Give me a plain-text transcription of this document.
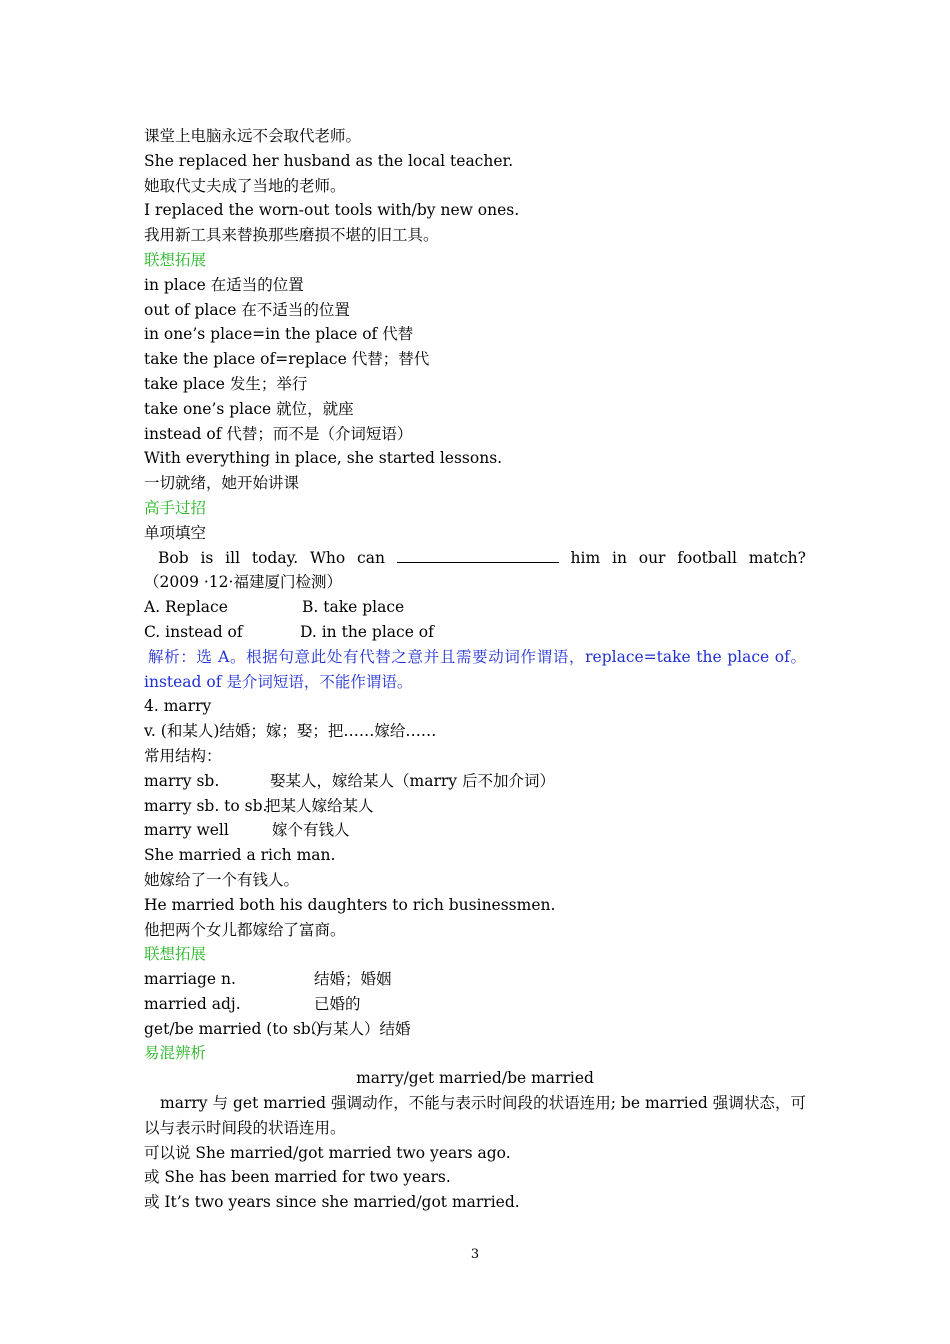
课堂上电脑永远不会取代老师。
She replaced her husband as the local teacher.
她取代丈夫成了当地的老师。
I replaced the worn-out tools with/by new ones.
我用新工具来替换那些磨损不堪的旧工具。
联想拓展
in place 在适当的位置
out of place 在不适当的位置
in one’s place=in the place of 代替
take the place of=replace 代替；替代
take place 发生；举行
take one’s place 就位，就座
instead of 代替；而不是（介词短语）
With everything in place, she started lessons.
一切就绪，她开始讲课
高手过招
单项填空
Bob is ill today. Who can	him in our football match?
（2009 ·12·福建厦门检测）
A. Replace	B. take place
C. instead of	D. in the place of
解析：选 A。根据句意此处有代替之意并且需要动词作谓语，replace=take the place of。instead of 是介词短语，不能作谓语。
4. marry
v. (和某人)结婚；嫁；娶；把……嫁给……
常用结构：
marry sb.	娶某人，嫁给某人（marry 后不加介词）
marry sb. to sb.把某人嫁给某人
marry well	嫁个有钱人
She married a rich man.
她嫁给了一个有钱人。
He married both his daughters to rich businessmen.
他把两个女儿都嫁给了富商。
联想拓展
marriage n.	结婚；婚姻
married adj.	已婚的
get/be married (to sb.)（与某人）结婚
易混辨析
marry/get married/be married
marry 与 get married 强调动作，不能与表示时间段的状语连用; be married 强调状态，可以与表示时间段的状语连用。
可以说 She married/got married two years ago.
或 She has been married for two years.
或 It’s two years since she married/got married.
3
